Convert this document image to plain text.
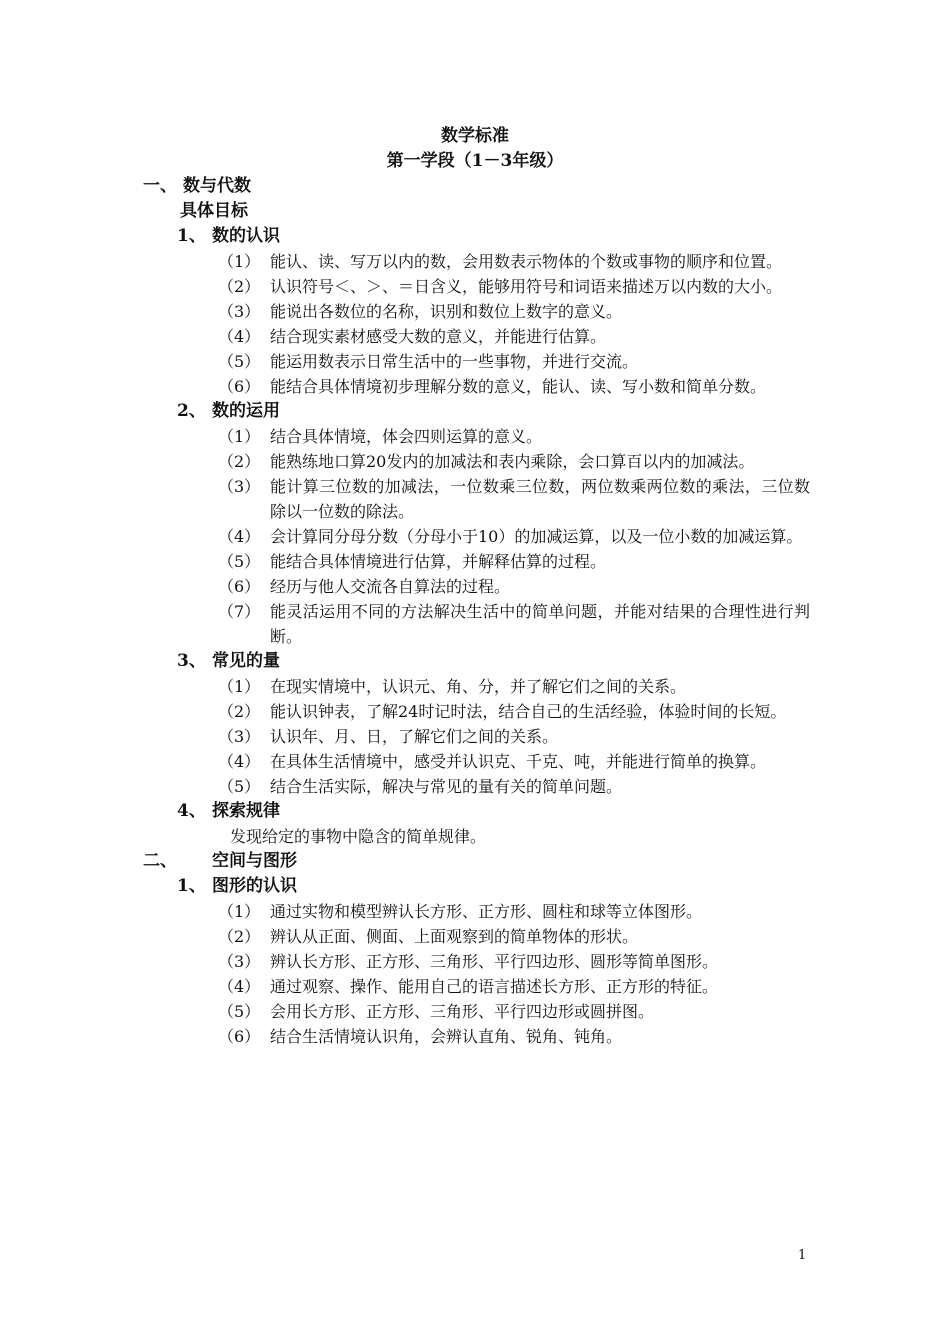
数学标准
第一学段（1－3年级）
一、 数与代数
具体目标
1、 数的认识
（1） 能认、读、写万以内的数，会用数表示物体的个数或事物的顺序和位置。
（2） 认识符号＜、＞、＝日含义，能够用符号和词语来描述万以内数的大小。
（3） 能说出各数位的名称，识别和数位上数字的意义。
（4） 结合现实素材感受大数的意义，并能进行估算。
（5） 能运用数表示日常生活中的一些事物，并进行交流。
（6） 能结合具体情境初步理解分数的意义，能认、读、写小数和简单分数。
2、 数的运用
（1） 结合具体情境，体会四则运算的意义。
（2） 能熟练地口算20发内的加减法和表内乘除，会口算百以内的加减法。
（3） 能计算三位数的加减法，一位数乘三位数，两位数乘两位数的乘法，三位数除以一位数的除法。
（4） 会计算同分母分数（分母小于10）的加减运算，以及一位小数的加减运算。
（5） 能结合具体情境进行估算，并解释估算的过程。
（6） 经历与他人交流各自算法的过程。
（7） 能灵活运用不同的方法解决生活中的简单问题，并能对结果的合理性进行判断。
3、 常见的量
（1） 在现实情境中，认识元、角、分，并了解它们之间的关系。
（2） 能认识钟表，了解24时记时法，结合自己的生活经验，体验时间的长短。
（3） 认识年、月、日，了解它们之间的关系。
（4） 在具体生活情境中，感受并认识克、千克、吨，并能进行简单的换算。
（5） 结合生活实际，解决与常见的量有关的简单问题。
4、 探索规律
发现给定的事物中隐含的简单规律。
二、 空间与图形
1、 图形的认识
（1） 通过实物和模型辨认长方形、正方形、圆柱和球等立体图形。
（2） 辨认从正面、侧面、上面观察到的简单物体的形状。
（3） 辨认长方形、正方形、三角形、平行四边形、圆形等简单图形。
（4） 通过观察、操作、能用自己的语言描述长方形、正方形的特征。
（5） 会用长方形、正方形、三角形、平行四边形或圆拼图。
（6） 结合生活情境认识角，会辨认直角、锐角、钝角。
1
